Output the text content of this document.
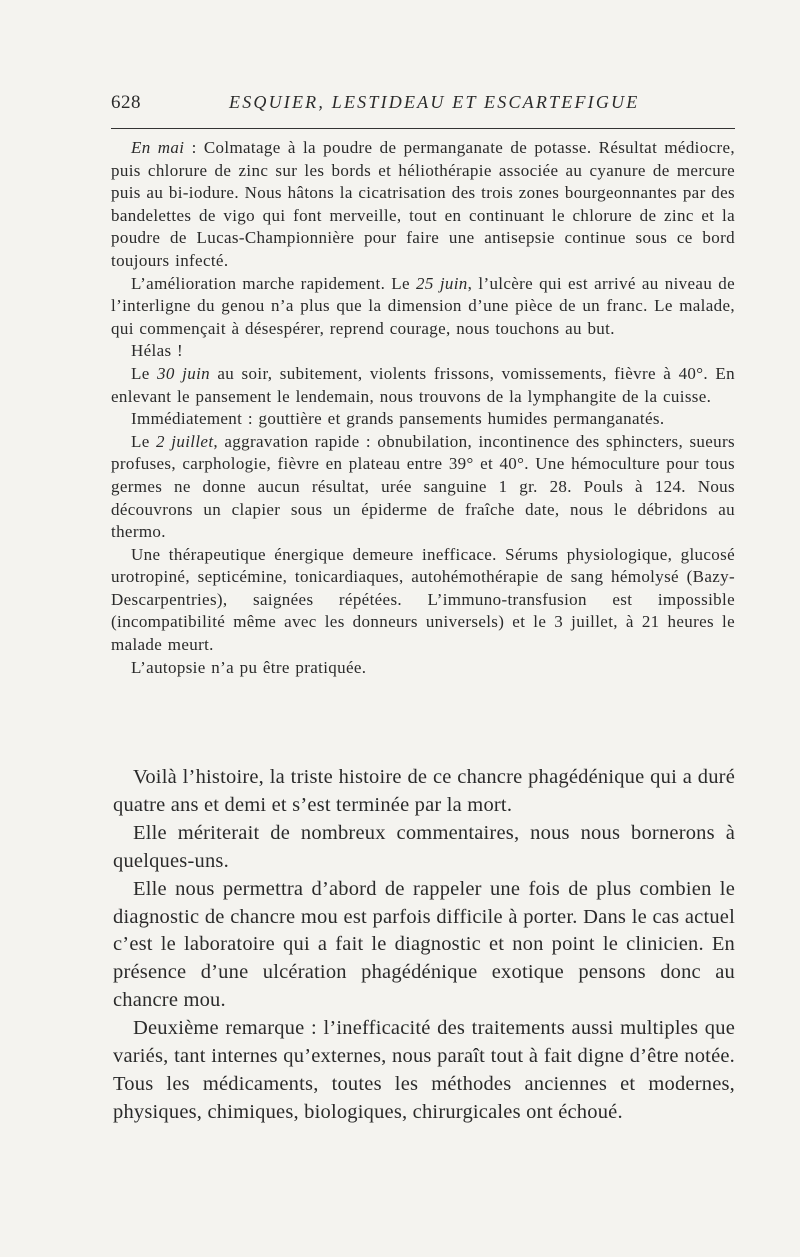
628	ESQUIER, LESTIDEAU ET ESCARTEFIGUE

En mai : Colmatage à la poudre de permanganate de potasse. Résultat médiocre, puis chlorure de zinc sur les bords et héliothérapie associée au cyanure de mercure puis au bi-iodure. Nous hâtons la cicatrisation des trois zones bourgeonnantes par des bandelettes de vigo qui font merveille, tout en continuant le chlorure de zinc et la poudre de Lucas-Championnière pour faire une antisepsie continue sous ce bord toujours infecté.

L’amélioration marche rapidement. Le 25 juin, l’ulcère qui est arrivé au niveau de l’interligne du genou n’a plus que la dimension d’une pièce de un franc. Le malade, qui commençait à désespérer, reprend courage, nous touchons au but.

Hélas !

Le 30 juin au soir, subitement, violents frissons, vomissements, fièvre à 40°. En enlevant le pansement le lendemain, nous trouvons de la lymphangite de la cuisse.

Immédiatement : gouttière et grands pansements humides permanganatés.

Le 2 juillet, aggravation rapide : obnubilation, incontinence des sphincters, sueurs profuses, carphologie, fièvre en plateau entre 39° et 40°. Une hémoculture pour tous germes ne donne aucun résultat, urée sanguine 1 gr. 28. Pouls à 124. Nous découvrons un clapier sous un épiderme de fraîche date, nous le débridons au thermo.

Une thérapeutique énergique demeure inefficace. Sérums physiologique, glucosé urotropiné, septicémine, tonicardiaques, autohémothérapie de sang hémolysé (Bazy-Descarpentries), saignées répétées. L’immuno-transfusion est impossible (incompatibilité même avec les donneurs universels) et le 3 juillet, à 21 heures le malade meurt.

L’autopsie n’a pu être pratiquée.

Voilà l’histoire, la triste histoire de ce chancre phagédénique qui a duré quatre ans et demi et s’est terminée par la mort.

Elle mériterait de nombreux commentaires, nous nous bornerons à quelques-uns.

Elle nous permettra d’abord de rappeler une fois de plus combien le diagnostic de chancre mou est parfois difficile à porter. Dans le cas actuel c’est le laboratoire qui a fait le diagnostic et non point le clinicien. En présence d’une ulcération phagédénique exotique pensons donc au chancre mou.

Deuxième remarque : l’inefficacité des traitements aussi multiples que variés, tant internes qu’externes, nous paraît tout à fait digne d’être notée. Tous les médicaments, toutes les méthodes anciennes et modernes, physiques, chimiques, biologiques, chirurgicales ont échoué.
